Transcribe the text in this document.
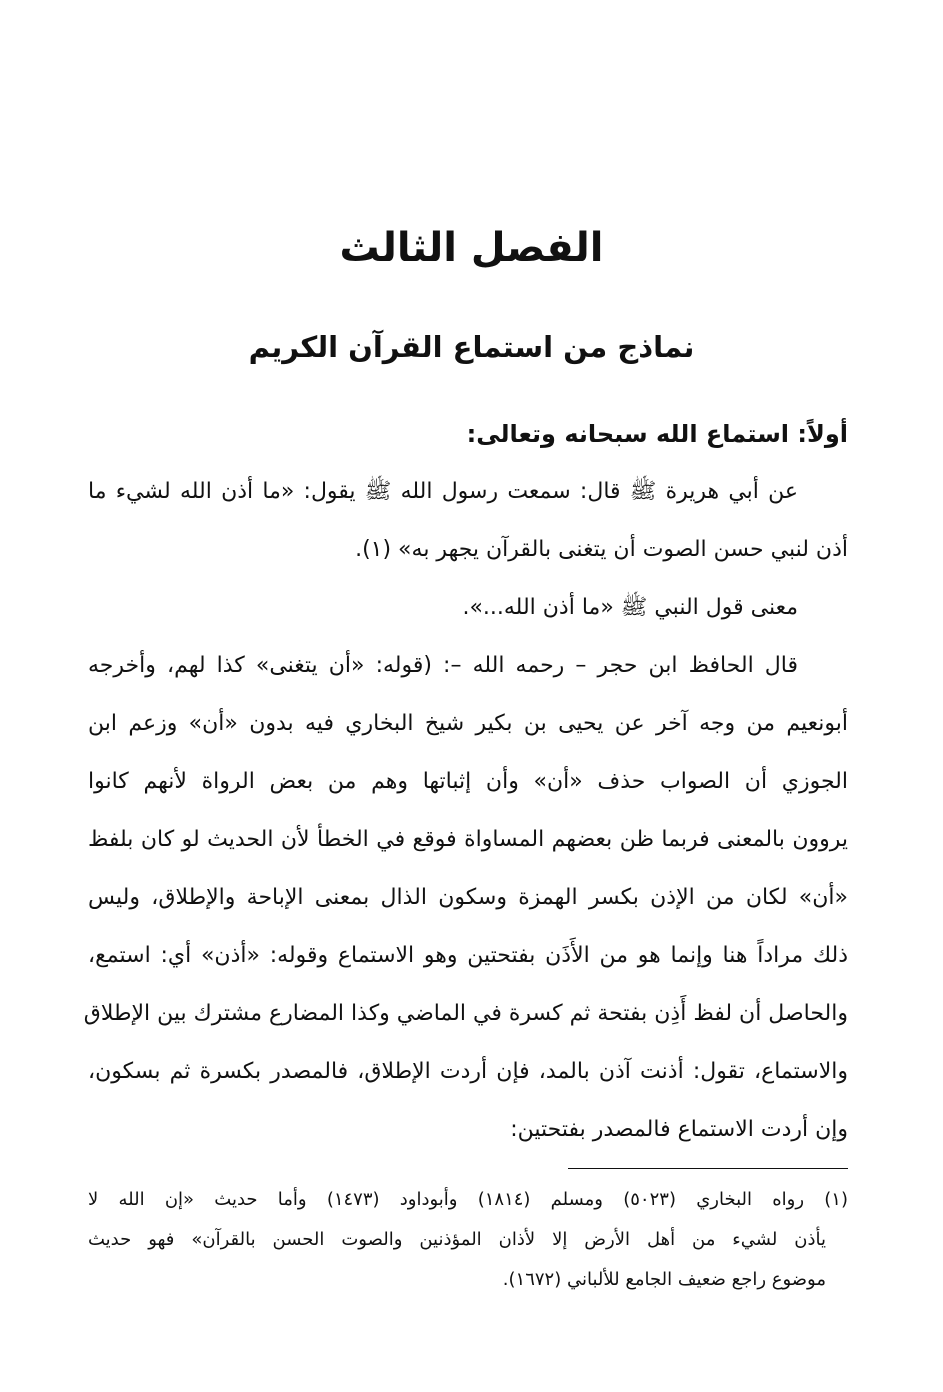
الفصل الثالث
نماذج من استماع القرآن الكريم
أولاً: استماع الله سبحانه وتعالى:
عن أبي هريرة ﷺ قال: سمعت رسول الله ﷺ يقول: «ما أذن الله لشيء ما
أذن لنبي حسن الصوت أن يتغنى بالقرآن يجهر به» (١).
معنى قول النبي ﷺ «ما أذن الله...».
قال الحافظ ابن حجر – رحمه الله –: (قوله: «أن يتغنى» كذا لهم، وأخرجه
أبونعيم من وجه آخر عن يحيى بن بكير شيخ البخاري فيه بدون «أن» وزعم ابن
الجوزي أن الصواب حذف «أن» وأن إثباتها وهم من بعض الرواة لأنهم كانوا
يروون بالمعنى فربما ظن بعضهم المساواة فوقع في الخطأ لأن الحديث لو كان بلفظ
«أن» لكان من الإذن بكسر الهمزة وسكون الذال بمعنى الإباحة والإطلاق، وليس
ذلك مراداً هنا وإنما هو من الأَذَن بفتحتين وهو الاستماع وقوله: «أذن» أي: استمع،
والحاصل أن لفظ أَذِن بفتحة ثم كسرة في الماضي وكذا المضارع مشترك بين الإطلاق
والاستماع، تقول: أذنت آذن بالمد، فإن أردت الإطلاق، فالمصدر بكسرة ثم بسكون،
وإن أردت الاستماع فالمصدر بفتحتين:
(١) رواه البخاري (٥٠٢٣) ومسلم (١٨١٤) وأبوداود (١٤٧٣) وأما حديث «إن الله لا
يأذن لشيء من أهل الأرض إلا لأذان المؤذنين والصوت الحسن بالقرآن» فهو حديث
موضوع راجع ضعيف الجامع للألباني (١٦٧٢).
